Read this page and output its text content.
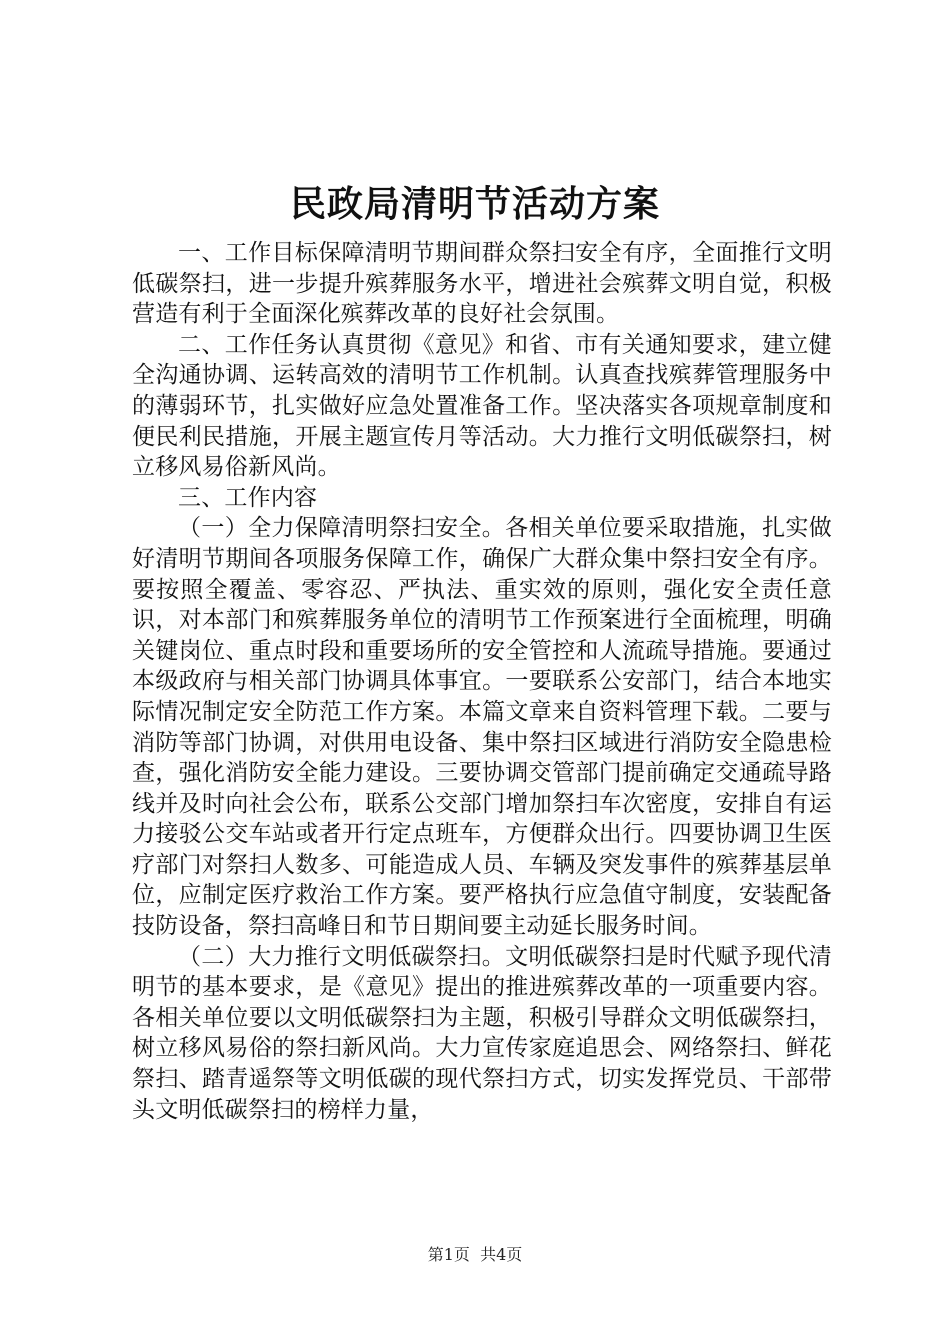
民政局清明节活动方案

一、工作目标保障清明节期间群众祭扫安全有序，全面推行文明低碳祭扫，进一步提升殡葬服务水平，增进社会殡葬文明自觉，积极营造有利于全面深化殡葬改革的良好社会氛围。

二、工作任务认真贯彻《意见》和省、市有关通知要求，建立健全沟通协调、运转高效的清明节工作机制。认真查找殡葬管理服务中的薄弱环节，扎实做好应急处置准备工作。坚决落实各项规章制度和便民利民措施，开展主题宣传月等活动。大力推行文明低碳祭扫，树立移风易俗新风尚。

三、工作内容

（一）全力保障清明祭扫安全。各相关单位要采取措施，扎实做好清明节期间各项服务保障工作，确保广大群众集中祭扫安全有序。要按照全覆盖、零容忍、严执法、重实效的原则，强化安全责任意识，对本部门和殡葬服务单位的清明节工作预案进行全面梳理，明确关键岗位、重点时段和重要场所的安全管控和人流疏导措施。要通过本级政府与相关部门协调具体事宜。一要联系公安部门，结合本地实际情况制定安全防范工作方案。本篇文章来自资料管理下载。二要与消防等部门协调，对供用电设备、集中祭扫区域进行消防安全隐患检查，强化消防安全能力建设。三要协调交管部门提前确定交通疏导路线并及时向社会公布，联系公交部门增加祭扫车次密度，安排自有运力接驳公交车站或者开行定点班车，方便群众出行。四要协调卫生医疗部门对祭扫人数多、可能造成人员、车辆及突发事件的殡葬基层单位，应制定医疗救治工作方案。要严格执行应急值守制度，安装配备技防设备，祭扫高峰日和节日期间要主动延长服务时间。

（二）大力推行文明低碳祭扫。文明低碳祭扫是时代赋予现代清明节的基本要求，是《意见》提出的推进殡葬改革的一项重要内容。各相关单位要以文明低碳祭扫为主题，积极引导群众文明低碳祭扫，树立移风易俗的祭扫新风尚。大力宣传家庭追思会、网络祭扫、鲜花祭扫、踏青遥祭等文明低碳的现代祭扫方式，切实发挥党员、干部带头文明低碳祭扫的榜样力量，

第1页 共4页
